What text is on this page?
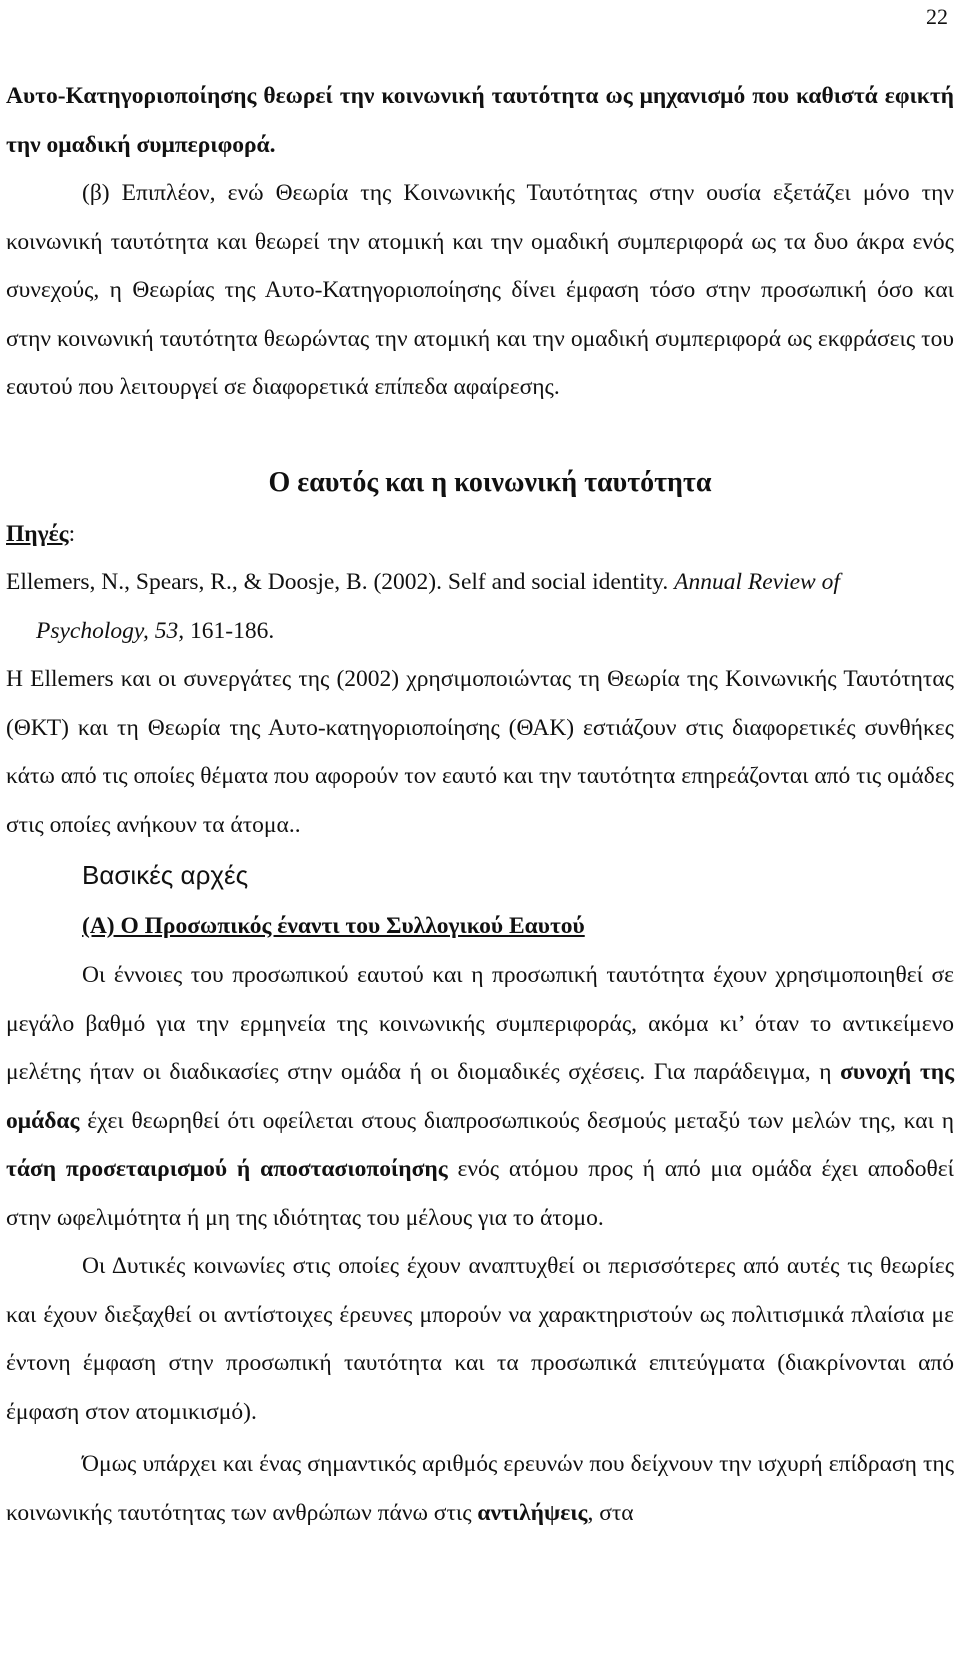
22

Αυτο-Κατηγοριοποίησης θεωρεί την κοινωνική ταυτότητα ως μηχανισμό που καθιστά εφικτή την ομαδική συμπεριφορά.

(β) Επιπλέον, ενώ Θεωρία της Κοινωνικής Ταυτότητας στην ουσία εξετάζει μόνο την κοινωνική ταυτότητα και θεωρεί την ατομική και την ομαδική συμπεριφορά ως τα δυο άκρα ενός συνεχούς, η Θεωρίας της Αυτο-Κατηγοριοποίησης δίνει έμφαση τόσο στην προσωπική όσο και στην κοινωνική ταυτότητα θεωρώντας την ατομική και την ομαδική συμπεριφορά ως εκφράσεις του εαυτού που λειτουργεί σε διαφορετικά επίπεδα αφαίρεσης.

Ο εαυτός και η κοινωνική ταυτότητα

Πηγές:

Ellemers, N., Spears, R., & Doosje, B. (2002). Self and social identity. Annual Review of Psychology, 53, 161-186.

Η Ellemers και οι συνεργάτες της (2002) χρησιμοποιώντας τη Θεωρία της Κοινωνικής Ταυτότητας (ΘΚΤ) και τη Θεωρία της Αυτο-κατηγοριοποίησης (ΘΑΚ) εστιάζουν στις διαφορετικές συνθήκες κάτω από τις οποίες θέματα που αφορούν τον εαυτό και την ταυτότητα επηρεάζονται από τις ομάδες στις οποίες ανήκουν τα άτομα..

Βασικές αρχές
(Α) Ο Προσωπικός έναντι του Συλλογικού Εαυτού

Οι έννοιες του προσωπικού εαυτού και η προσωπική ταυτότητα έχουν χρησιμοποιηθεί σε μεγάλο βαθμό για την ερμηνεία της κοινωνικής συμπεριφοράς, ακόμα κι’ όταν το αντικείμενο μελέτης ήταν οι διαδικασίες στην ομάδα ή οι διομαδικές σχέσεις. Για παράδειγμα, η συνοχή της ομάδας έχει θεωρηθεί ότι οφείλεται στους διαπροσωπικούς δεσμούς μεταξύ των μελών της, και η τάση προσεταιρισμού ή αποστασιοποίησης ενός ατόμου προς ή από μια ομάδα έχει αποδοθεί στην ωφελιμότητα ή μη της ιδιότητας του μέλους για το άτομο.

Οι Δυτικές κοινωνίες στις οποίες έχουν αναπτυχθεί οι περισσότερες από αυτές τις θεωρίες και έχουν διεξαχθεί οι αντίστοιχες έρευνες μπορούν να χαρακτηριστούν ως πολιτισμικά πλαίσια με έντονη έμφαση στην προσωπική ταυτότητα και τα προσωπικά επιτεύγματα (διακρίνονται από έμφαση στον ατομικισμό).

Όμως υπάρχει και ένας σημαντικός αριθμός ερευνών που δείχνουν την ισχυρή επίδραση της κοινωνικής ταυτότητας των ανθρώπων πάνω στις αντιλήψεις, στα
